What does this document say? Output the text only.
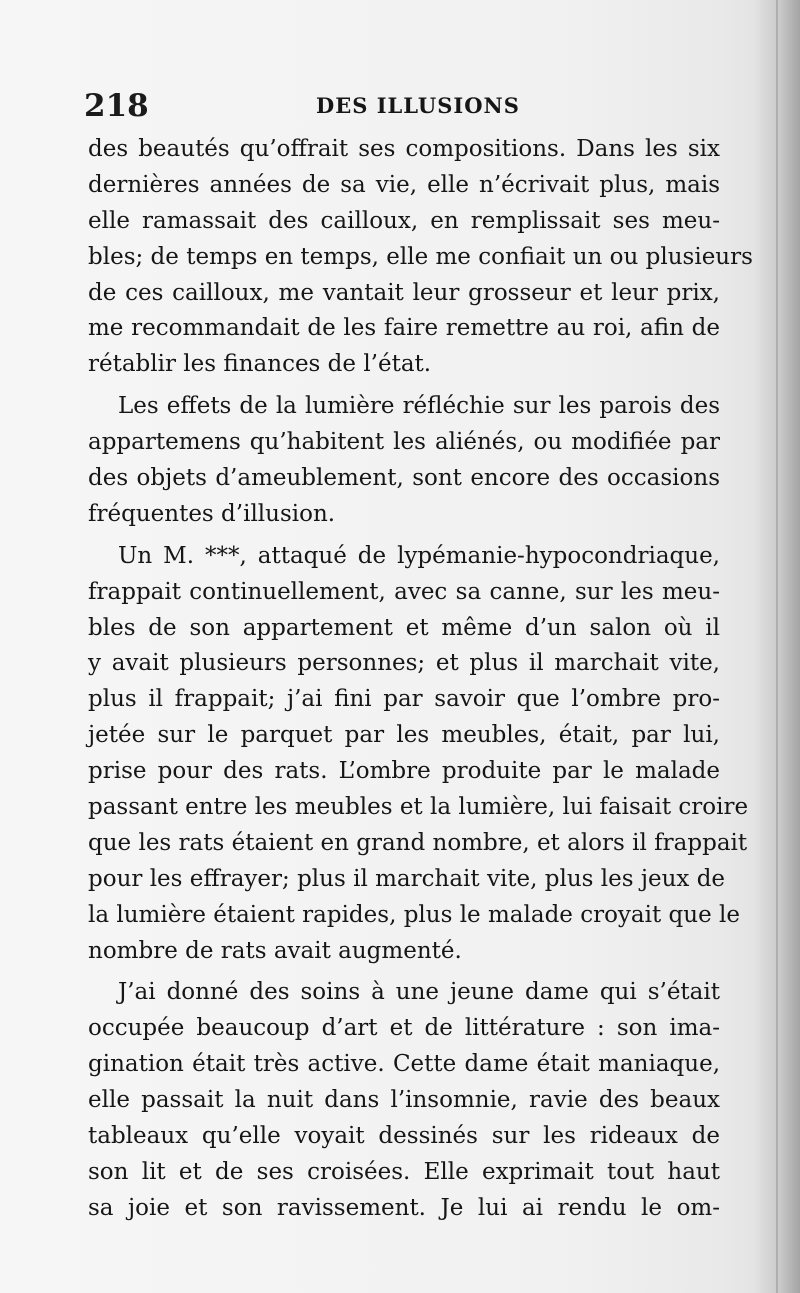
218	DES ILLUSIONS
des beautés qu’offrait ses compositions. Dans les six
dernières années de sa vie, elle n’écrivait plus, mais
elle ramassait des cailloux, en remplissait ses meu-
bles; de temps en temps, elle me confiait un ou plusieurs
de ces cailloux, me vantait leur grosseur et leur prix,
me recommandait de les faire remettre au roi, afin de
rétablir les finances de l’état.
Les effets de la lumière réfléchie sur les parois des
appartemens qu’habitent les aliénés, ou modifiée par
des objets d’ameublement, sont encore des occasions
fréquentes d’illusion.
Un M. ***, attaqué de lypémanie-hypocondriaque,
frappait continuellement, avec sa canne, sur les meu-
bles de son appartement et même d’un salon où il
y avait plusieurs personnes; et plus il marchait vite,
plus il frappait; j’ai fini par savoir que l’ombre pro-
jetée sur le parquet par les meubles, était, par lui,
prise pour des rats. L’ombre produite par le malade
passant entre les meubles et la lumière, lui faisait croire
que les rats étaient en grand nombre, et alors il frappait
pour les effrayer; plus il marchait vite, plus les jeux de
la lumière étaient rapides, plus le malade croyait que le
nombre de rats avait augmenté.
J’ai donné des soins à une jeune dame qui s’était
occupée beaucoup d’art et de littérature : son ima-
gination était très active. Cette dame était maniaque,
elle passait la nuit dans l’insomnie, ravie des beaux
tableaux qu’elle voyait dessinés sur les rideaux de
son lit et de ses croisées. Elle exprimait tout haut
sa joie et son ravissement. Je lui ai rendu le om-
